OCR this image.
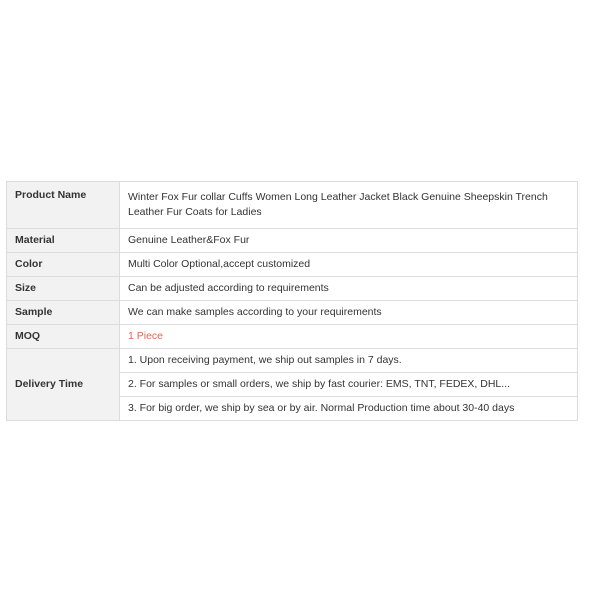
Product Name	Winter Fox Fur collar Cuffs Women Long Leather Jacket Black Genuine Sheepskin Trench
Leather Fur Coats for Ladies

Material	Genuine Leather&Fox Fur
Color	Multi Color Optional,accept customized
Size	Can be adjusted according to requirements
Sample	We can make samples according to your requirements
MOQ	1 Piece
Delivery Time	1. Upon receiving payment, we ship out samples in 7 days.
	2. For samples or small orders, we ship by fast courier: EMS, TNT, FEDEX, DHL...
	3. For big order, we ship by sea or by air. Normal Production time about 30-40 days
